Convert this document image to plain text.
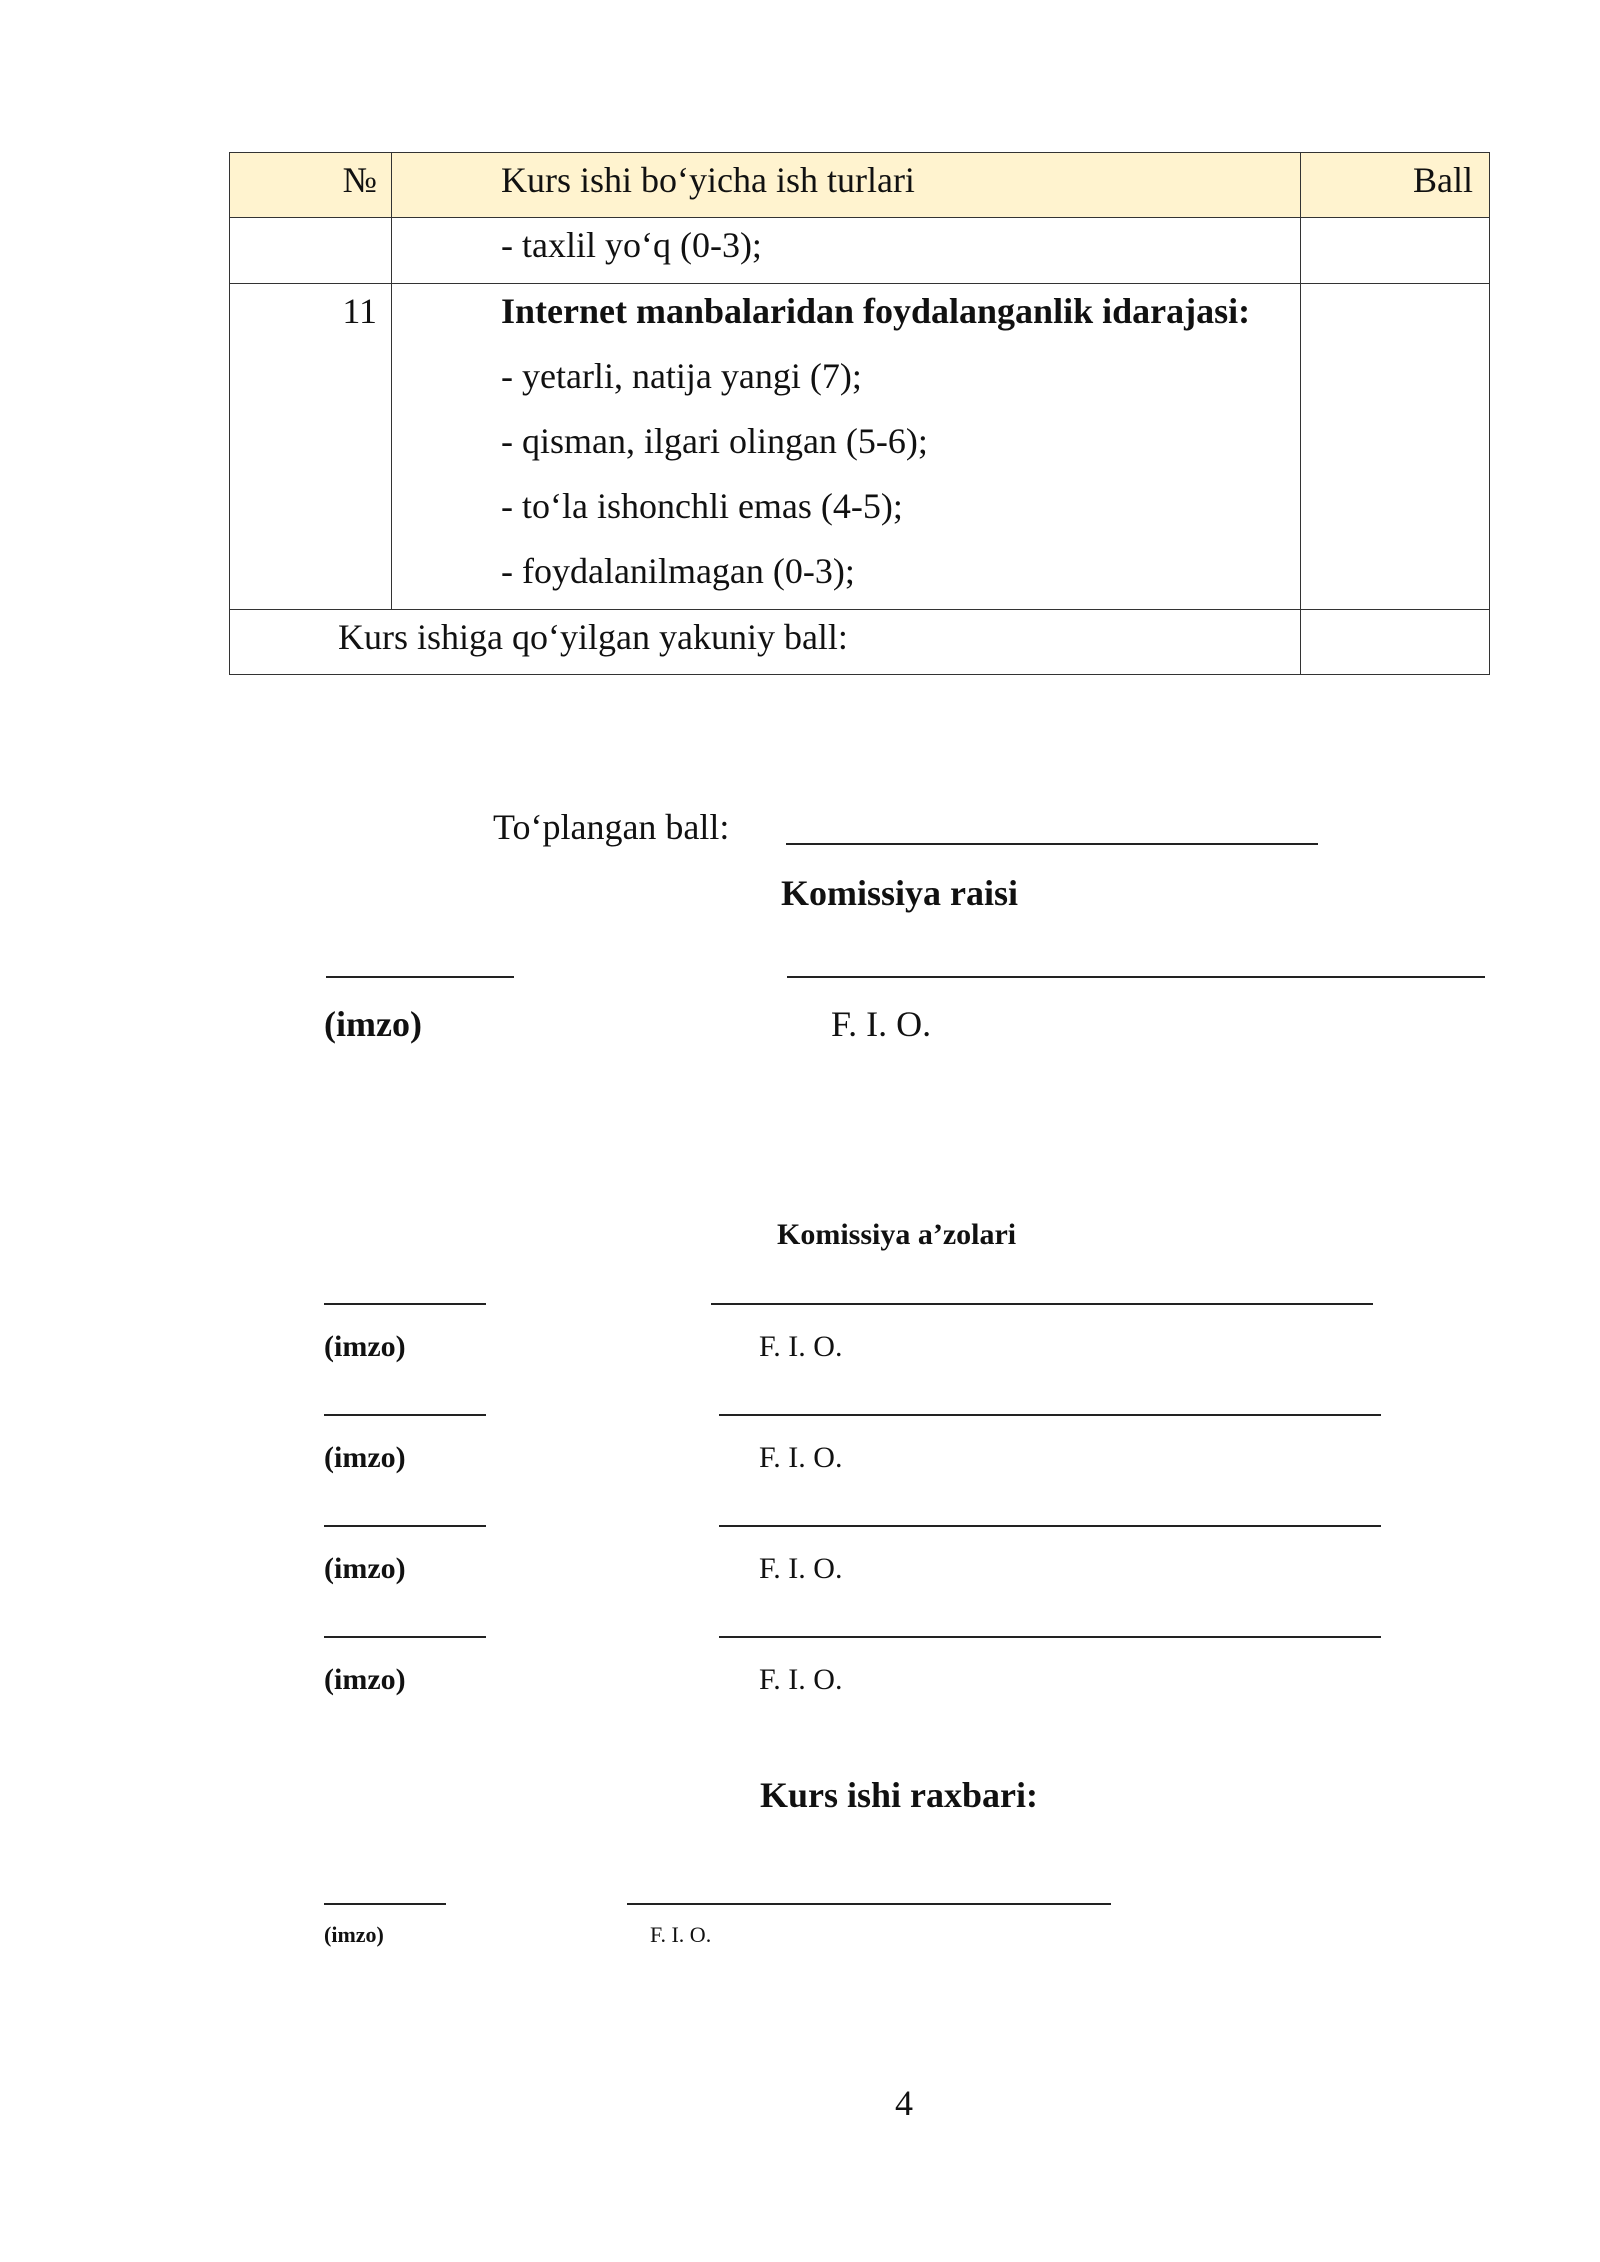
№	Kurs ishi bo‘yicha ish turlari	Ball

	- taxlil yo‘q (0-3);	

11	Internet manbalaridan foydalanganlik idarajasi:
- yetarli, natija yangi (7);
- qisman, ilgari olingan (5-6);
- to‘la ishonchli emas (4-5);
- foydalanilmagan (0-3);	

Kurs ishiga qo‘yilgan yakuniy ball:		
To‘plangan ball:
Komissiya raisi
(imzo)	F. I. O.
Komissiya a’zolari
(imzo)	F. I. O.
(imzo)	F. I. O.
(imzo)	F. I. O.
(imzo)	F. I. O.
Kurs ishi raxbari:
(imzo)	F. I. O.
4
